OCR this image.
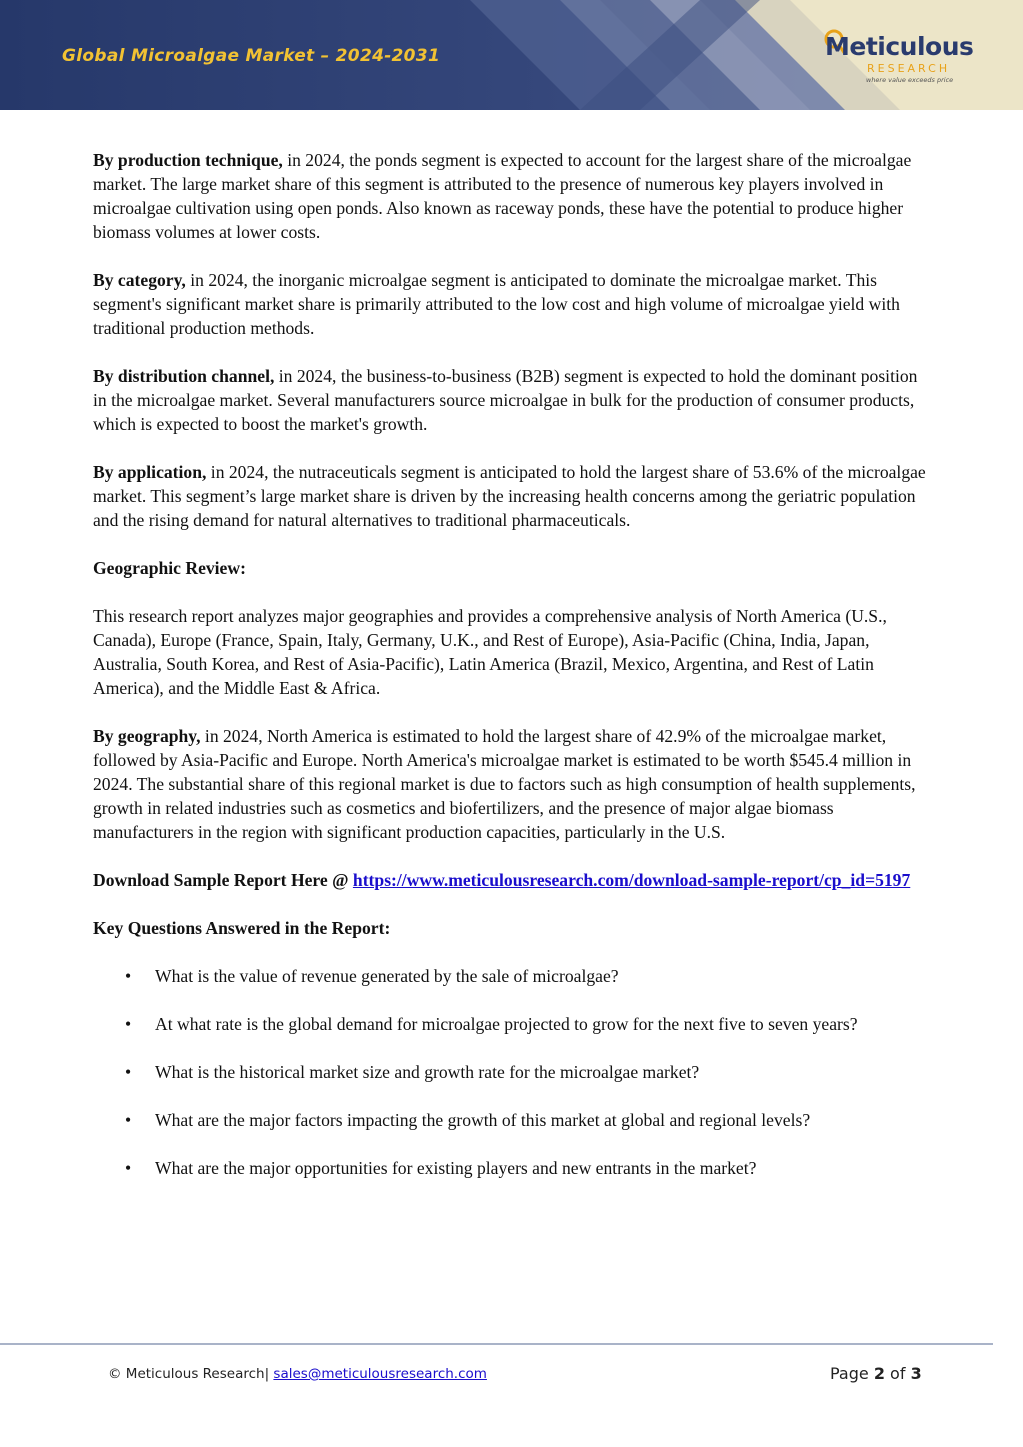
Global Microalgae Market – 2024-2031	Meticulous
RESEARCH
where value exceeds price

By production technique, in 2024, the ponds segment is expected to account for the largest share of the microalgae market. The large market share of this segment is attributed to the presence of numerous key players involved in microalgae cultivation using open ponds. Also known as raceway ponds, these have the potential to produce higher biomass volumes at lower costs.

By category, in 2024, the inorganic microalgae segment is anticipated to dominate the microalgae market. This segment's significant market share is primarily attributed to the low cost and high volume of microalgae yield with traditional production methods.

By distribution channel, in 2024, the business-to-business (B2B) segment is expected to hold the dominant position in the microalgae market. Several manufacturers source microalgae in bulk for the production of consumer products, which is expected to boost the market's growth.

By application, in 2024, the nutraceuticals segment is anticipated to hold the largest share of 53.6% of the microalgae market. This segment’s large market share is driven by the increasing health concerns among the geriatric population and the rising demand for natural alternatives to traditional pharmaceuticals.

Geographic Review:

This research report analyzes major geographies and provides a comprehensive analysis of North America (U.S., Canada), Europe (France, Spain, Italy, Germany, U.K., and Rest of Europe), Asia-Pacific (China, India, Japan, Australia, South Korea, and Rest of Asia-Pacific), Latin America (Brazil, Mexico, Argentina, and Rest of Latin America), and the Middle East & Africa.

By geography, in 2024, North America is estimated to hold the largest share of 42.9% of the microalgae market, followed by Asia-Pacific and Europe. North America's microalgae market is estimated to be worth $545.4 million in 2024. The substantial share of this regional market is due to factors such as high consumption of health supplements, growth in related industries such as cosmetics and biofertilizers, and the presence of major algae biomass manufacturers in the region with significant production capacities, particularly in the U.S.

Download Sample Report Here @ https://www.meticulousresearch.com/download-sample-report/cp_id=5197

Key Questions Answered in the Report:

• What is the value of revenue generated by the sale of microalgae?
• At what rate is the global demand for microalgae projected to grow for the next five to seven years?
• What is the historical market size and growth rate for the microalgae market?
• What are the major factors impacting the growth of this market at global and regional levels?
• What are the major opportunities for existing players and new entrants in the market?
© Meticulous Research| sales@meticulousresearch.com	Page 2 of 3
